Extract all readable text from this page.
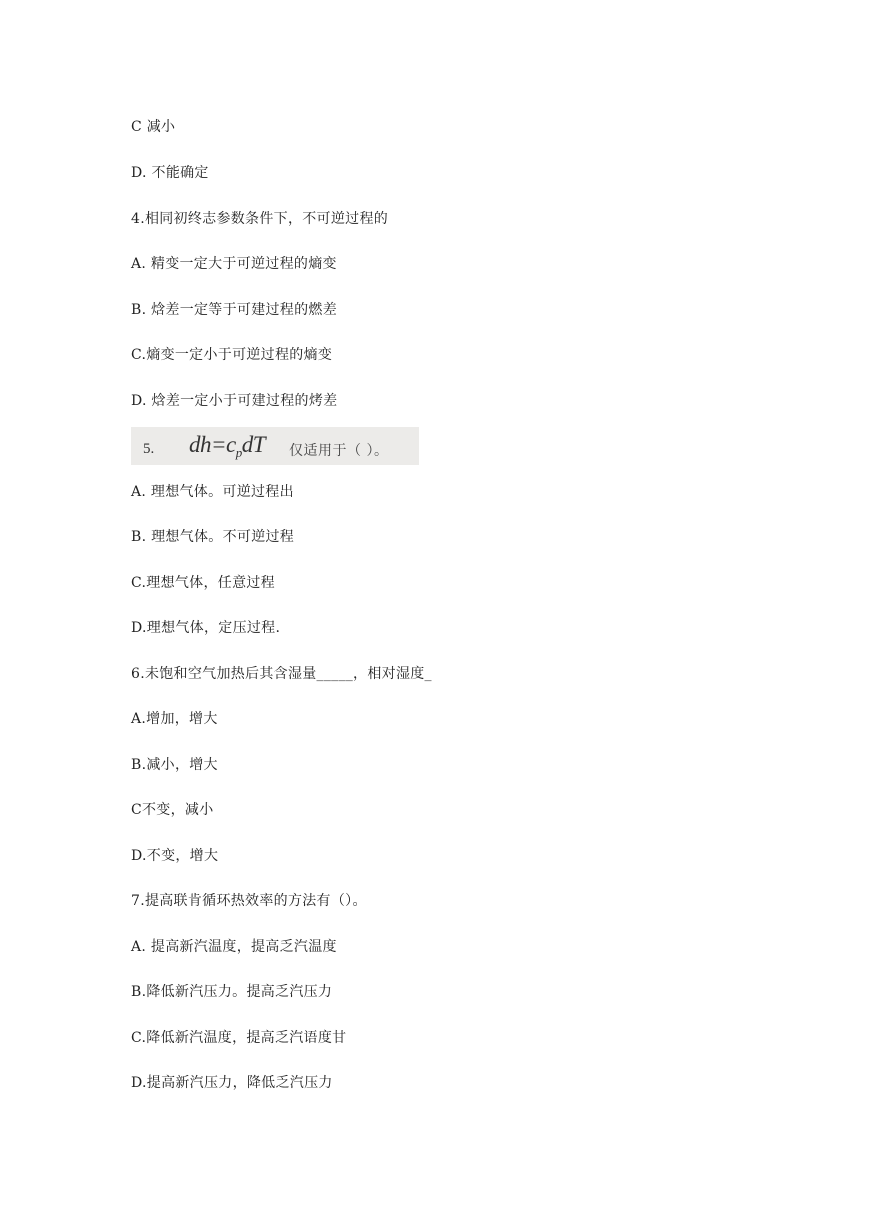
C 减小
D. 不能确定
4.相同初终志参数条件下，不可逆过程的
A. 精变一定大于可逆过程的熵变
B. 焓差一定等于可建过程的燃差
C.熵变一定小于可逆过程的熵变
D. 焓差一定小于可建过程的烤差
5. $dh=c_pdT$ 仅适用于（ ）。
A. 理想气体。可逆过程出
B. 理想气体。不可逆过程
C.理想气体，任意过程
D.理想气体，定压过程.
6.未饱和空气加热后其含湿量_____，相对湿度_
A.增加，增大
B.减小，增大
C不变，减小
D.不变，增大
7.提高联肯循环热效率的方法有（）。
A. 提高新汽温度，提高乏汽温度
B.降低新汽压力。提高乏汽压力
C.降低新汽温度，提高乏汽语度甘
D.提高新汽压力，降低乏汽压力
